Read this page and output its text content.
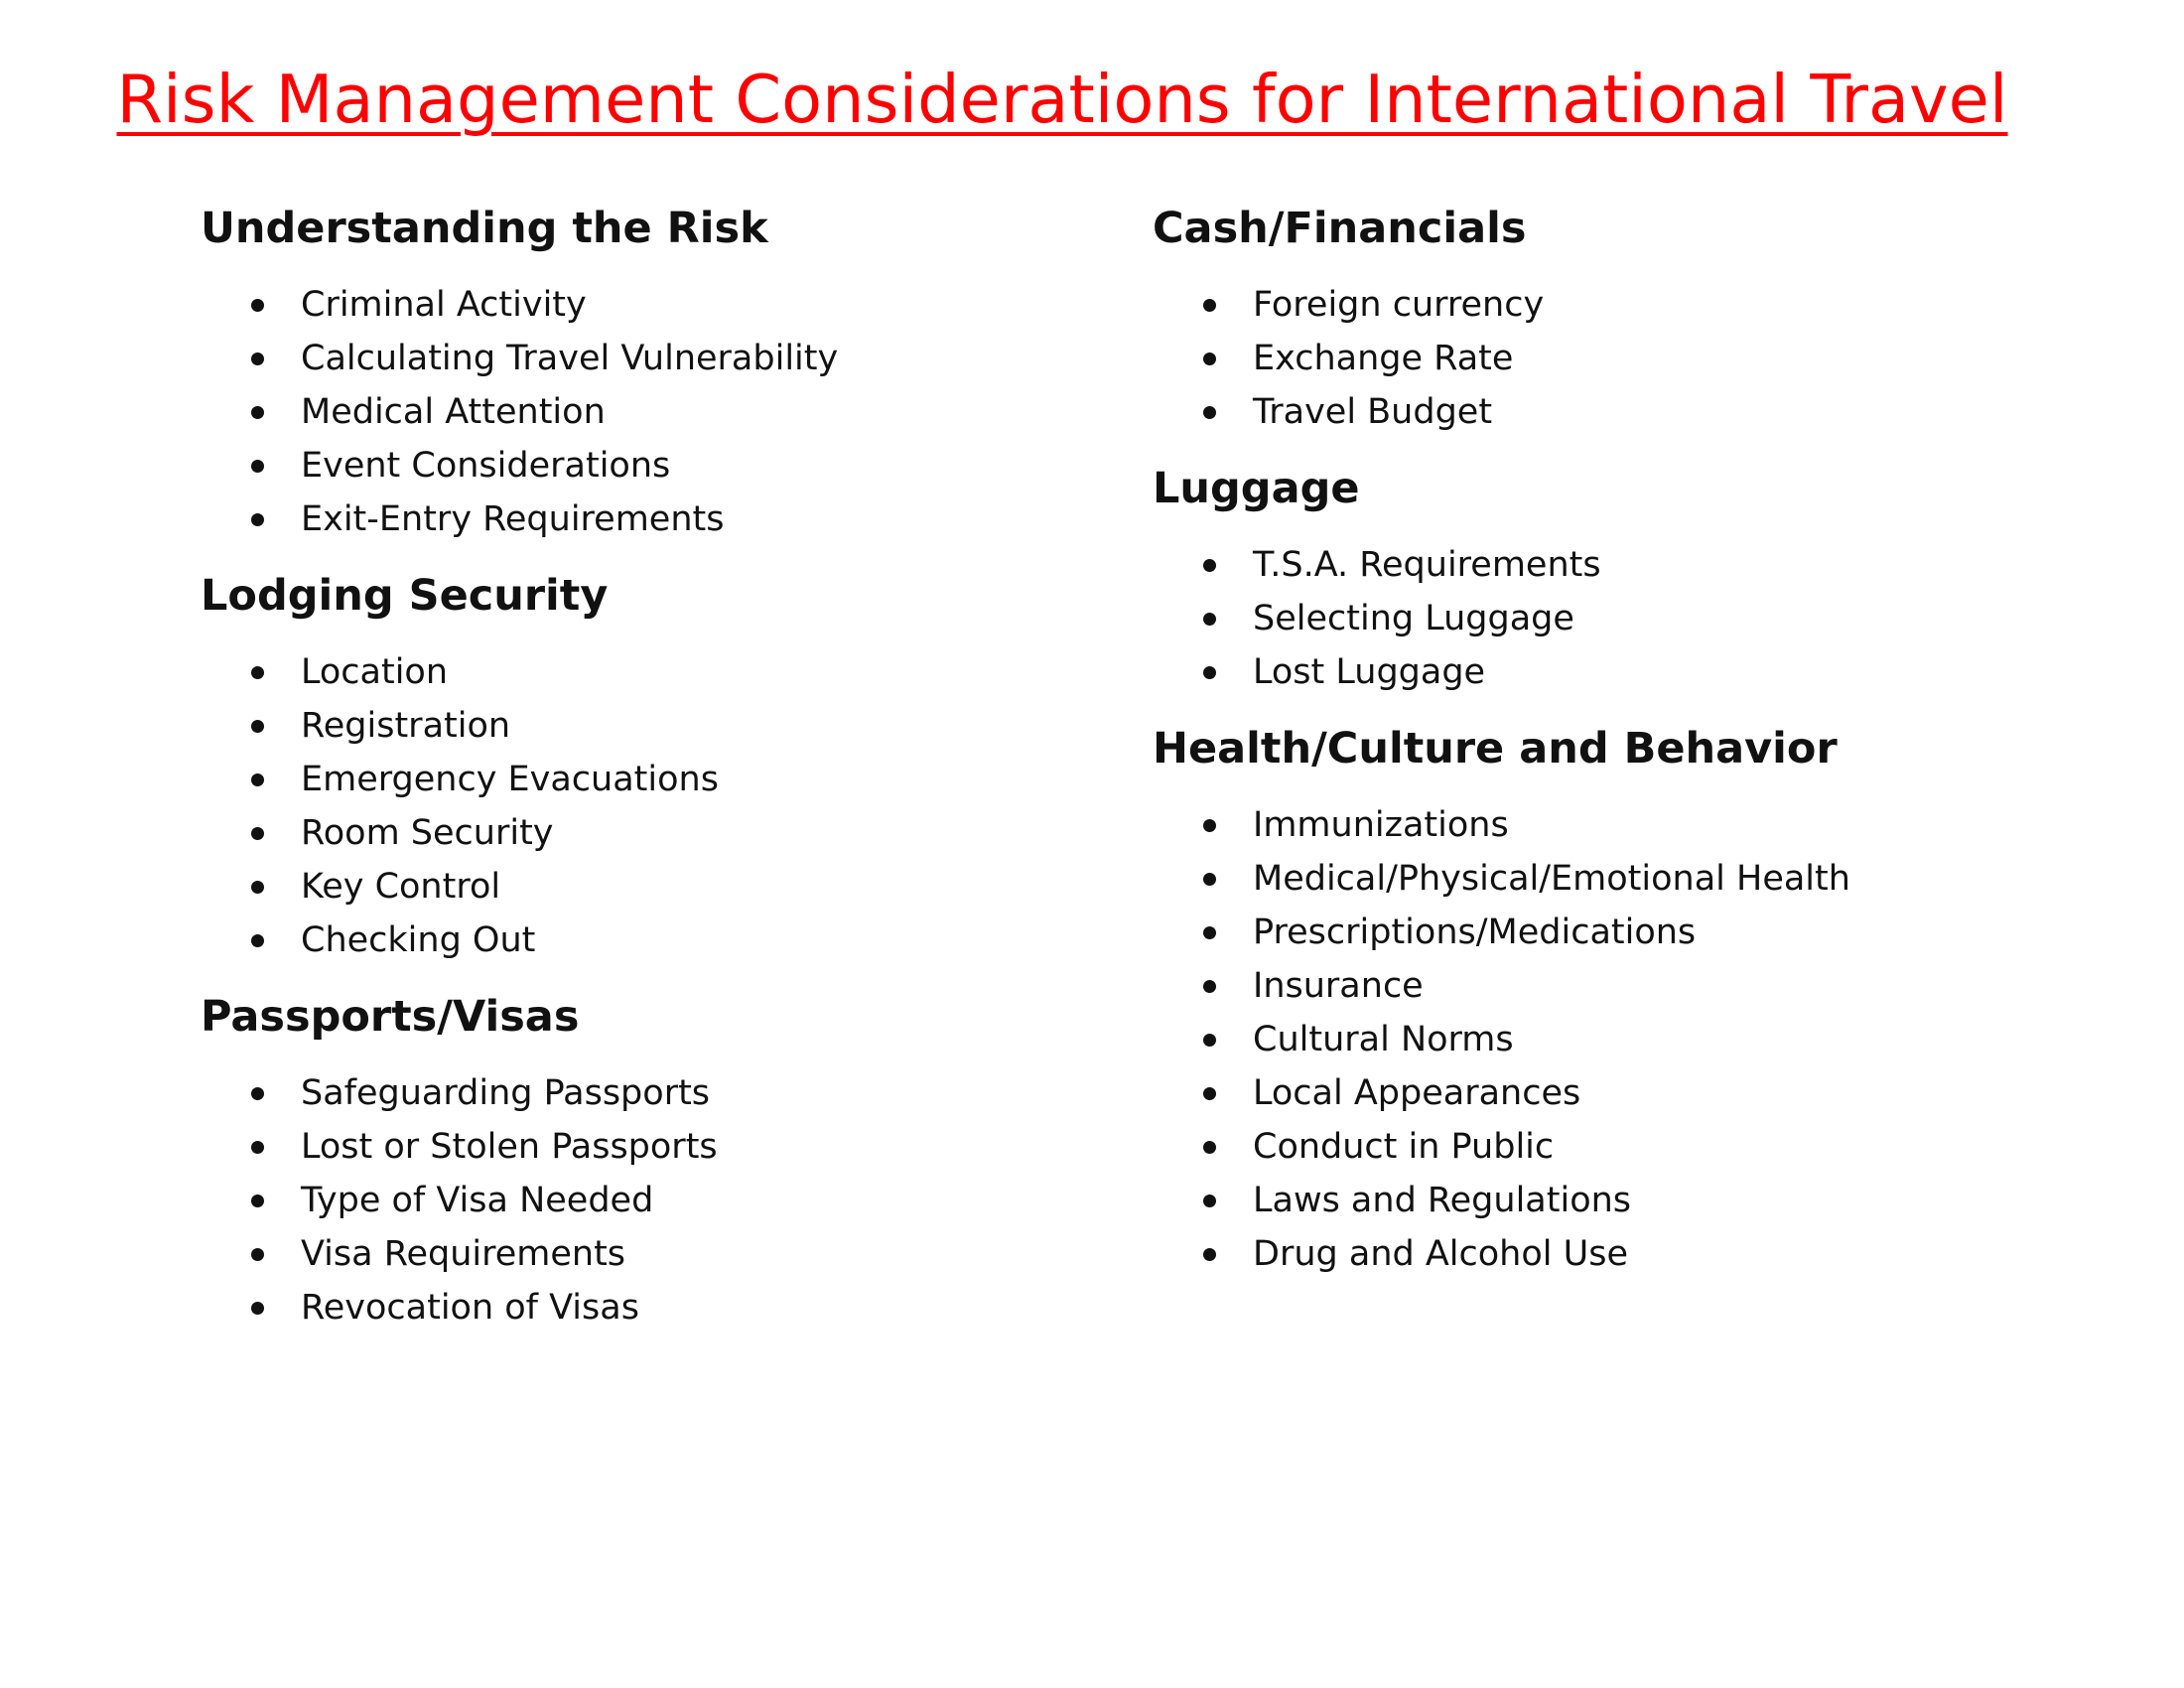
Risk Management Considerations for International Travel
Understanding the Risk
Criminal Activity
Calculating Travel Vulnerability
Medical Attention
Event Considerations
Exit-Entry Requirements
Lodging Security
Location
Registration
Emergency Evacuations
Room Security
Key Control
Checking Out
Passports/Visas
Safeguarding Passports
Lost or Stolen Passports
Type of Visa Needed
Visa Requirements
Revocation of Visas
Cash/Financials
Foreign currency
Exchange Rate
Travel Budget
Luggage
T.S.A. Requirements
Selecting Luggage
Lost Luggage
Health/Culture and Behavior
Immunizations
Medical/Physical/Emotional Health
Prescriptions/Medications
Insurance
Cultural Norms
Local Appearances
Conduct in Public
Laws and Regulations
Drug and Alcohol Use
